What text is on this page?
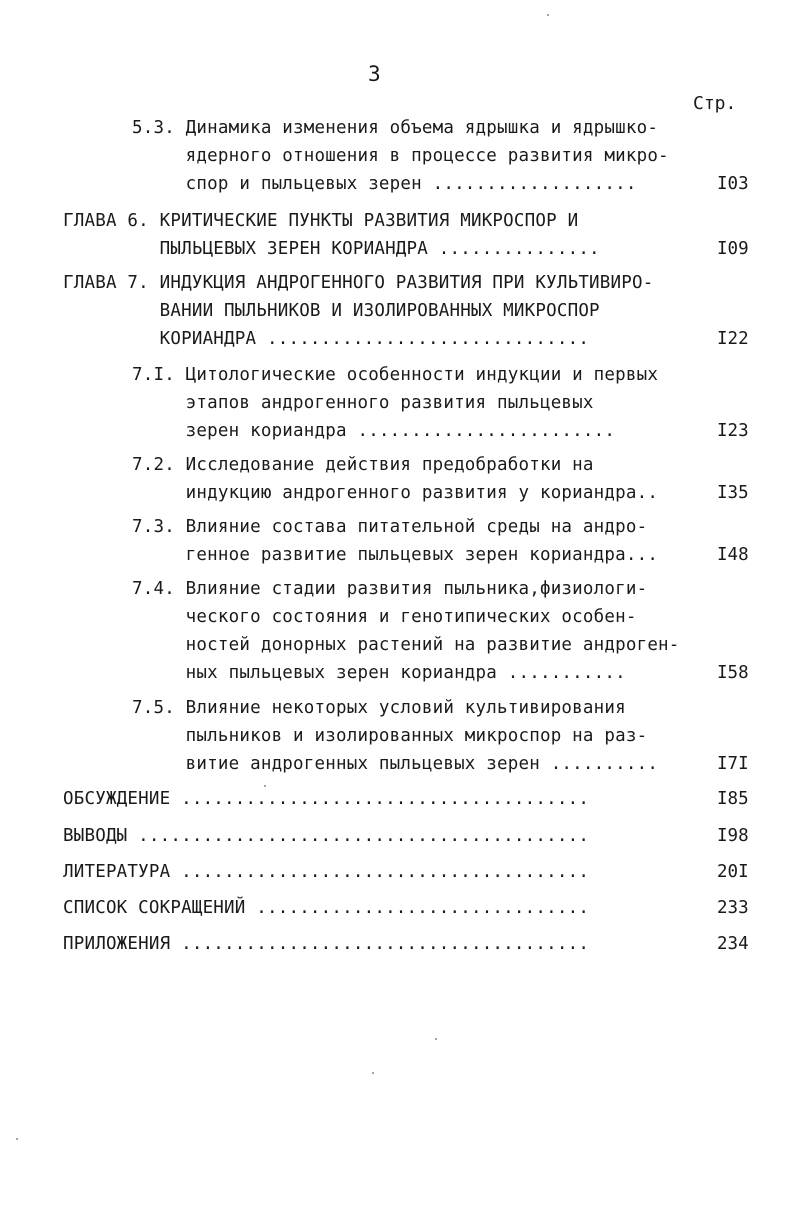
3
Стр.
5.3. Динамика изменения объема ядрышка и ядрышко-
ядерного отношения в процессе развития микро-
спор и пыльцевых зерен ...................	I03
ГЛАВА 6. КРИТИЧЕСКИЕ ПУНКТЫ РАЗВИТИЯ МИКРОСПОР И
ПЫЛЬЦЕВЫХ ЗЕРЕН КОРИАНДРА ...............	I09
ГЛАВА 7. ИНДУКЦИЯ АНДРОГЕННОГО РАЗВИТИЯ ПРИ КУЛЬТИВИРО-
ВАНИИ ПЫЛЬНИКОВ И ИЗОЛИРОВАННЫХ МИКРОСПОР
КОРИАНДРА ..............................	I22
7.I. Цитологические особенности индукции и первых
этапов андрогенного развития пыльцевых
зерен кориандра ........................	I23
7.2. Исследование действия предобработки на
индукцию андрогенного развития у кориандра..	I35
7.3. Влияние состава питательной среды на андро-
генное развитие пыльцевых зерен кориандра...	I48
7.4. Влияние стадии развития пыльника,физиологи-
ческого состояния и генотипических особен-
ностей донорных растений на развитие андроген-
ных пыльцевых зерен кориандра ...........	I58
7.5. Влияние некоторых условий культивирования
пыльников и изолированных микроспор на раз-
витие андрогенных пыльцевых зерен ..........	I7I
ОБСУЖДЕНИЕ ......................................	I85
ВЫВОДЫ ..........................................	I98
ЛИТЕРАТУРА ......................................	20I
СПИСОК СОКРАЩЕНИЙ ...............................	233
ПРИЛОЖЕНИЯ ......................................	234
